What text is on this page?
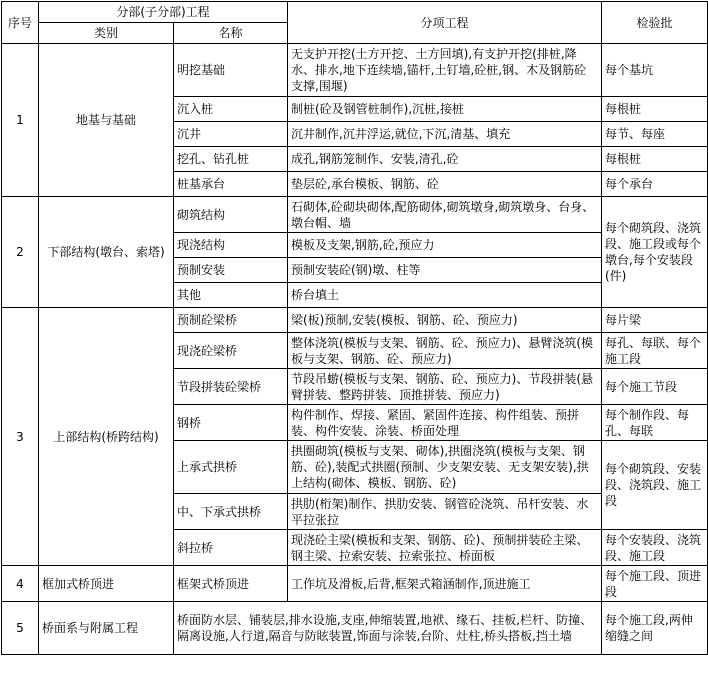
序号	分部(子分部)工程		分项工程	检验批
	类别	名称		
1	地基与基础	明挖基础	无支护开挖(土方开挖、土方回填),有支护开挖(排桩,降水、排水,地下连续墙,锚杆,土钉墙,砼桩,钢、木及钢筋砼支撑,围堰)	每个基坑
		沉入桩	制桩(砼及钢管桩制作),沉桩,接桩	每根桩
		沉井	沉井制作,沉井浮运,就位,下沉,清基、填充	每节、每座
		挖孔、钻孔桩	成孔,钢筋笼制作、安装,清孔,砼	每根桩
		桩基承台	垫层砼,承台模板、钢筋、砼	每个承台
2	下部结构(墩台、索塔)	砌筑结构	石砌体,砼砌块砌体,配筋砌体,砌筑墩身,砌筑墩身、台身、墩台帽、墙	每个砌筑段、浇筑段、施工段或每个墩台,每个安装段(件)
		现浇结构	模板及支架,钢筋,砼,预应力	
		预制安装	预制安装砼(钢)墩、柱等	
		其他	桥台填土	
3	上部结构(桥跨结构)	预制砼梁桥	梁(板)预制,安装(模板、钢筋、砼、预应力)	每片梁
		现浇砼梁桥	整体浇筑(模板与支架、钢筋、砼、预应力)、悬臂浇筑(模板与支架、钢筋、砼、预应力)	每孔、每联、每个施工段
		节段拼装砼梁桥	节段吊蝣(模板与支架、钢筋、砼、预应力)、节段拼装(悬臂拼装、整跨拼装、顶推拼装、预应力)	每个施工节段
		钢桥	构件制作、焊接、紧固、紧固件连接、构件组装、预拼装、构件安装、涂装、桥面处理	每个制作段、每孔、每联
		上承式拱桥	拱圈砌筑(模板与支架、砌体),拱圈浇筑(模板与支架、钢筋、砼),装配式拱圈(预制、少支架安装、无支架安装),拱上结构(砌体、模板、钢筋、砼)	每个砌筑段、安装段、浇筑段、施工段
		中、下承式拱桥	拱肋(桁架)制作、拱肋安装、钢管砼浇筑、吊杆安装、水平拉张拉	
		斜拉桥	现浇砼主梁(模板和支架、钢筋、砼)、预制拼装砼主梁、钢主梁、拉索安装、拉索张拉、桥面板	每个安装段、浇筑段、施工段
4	框加式桥顶进	框架式桥顶进	工作坑及滑板,后背,框架式箱涵制作,顶进施工	每个施工段、顶进段
5	桥面系与附属工程	桥面防水层、铺装层,排水设施,支座,伸缩装置,地袱、缘石、挂板,栏杆、防撞、隔离设施,人行道,隔音与防眩装置,饰面与涂装,台阶、灶柱,桥头搭板,挡土墙		每个施工段,两伸缩缝之间
